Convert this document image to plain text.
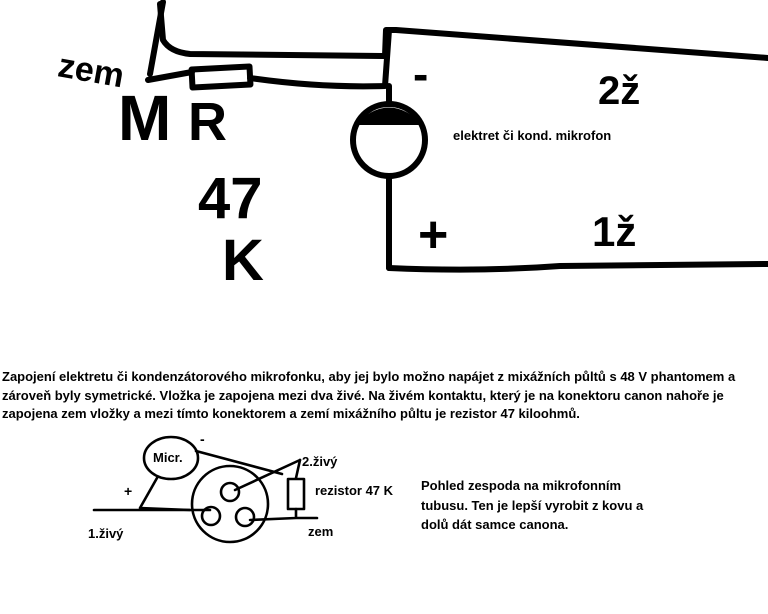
zem
M R
47
K
-
+
2ž
1ž
elektret či kond. mikrofon
Micr.
-
+
2.živý
rezistor 47 K
1.živý	zem

Zapojení elektretu či kondenzátorového mikrofonku, aby jej bylo možno napájet z mixážních půltů s 48 V phantomem a zároveň byly symetrické. Vložka je zapojena mezi dva živé. Na živém kontaktu, který je na konektoru canon nahoře je zapojena zem vložky a mezi tímto konektorem a zemí mixážního půltu je rezistor 47 kiloohmů.

Pohled zespoda na mikrofonním
tubusu. Ten je lepší vyrobit z kovu a
dolů dát samce canona.
